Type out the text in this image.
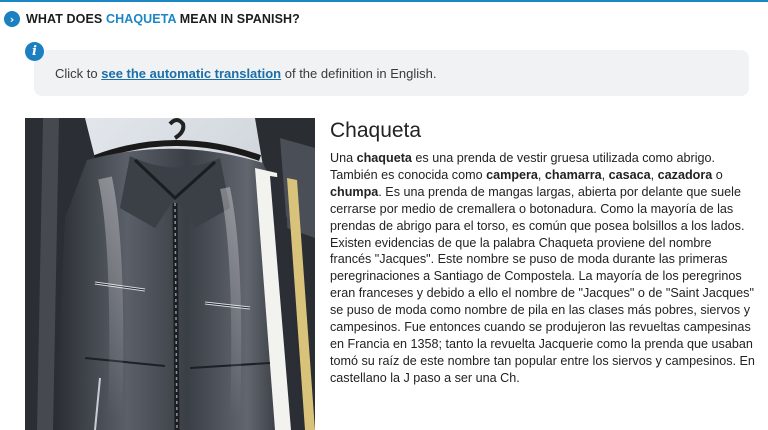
› WHAT DOES CHAQUETA MEAN IN SPANISH?
i
Click to see the automatic translation of the definition in English.
Chaqueta

Una chaqueta es una prenda de vestir gruesa utilizada como abrigo. También es conocida como campera, chamarra, casaca, cazadora o chumpa. Es una prenda de mangas largas, abierta por delante que suele cerrarse por medio de cremallera o botonadura. Como la mayoría de las prendas de abrigo para el torso, es común que posea bolsillos a los lados. Existen evidencias de que la palabra Chaqueta proviene del nombre francés "Jacques". Este nombre se puso de moda durante las primeras peregrinaciones a Santiago de Compostela. La mayoría de los peregrinos eran franceses y debido a ello el nombre de "Jacques" o de "Saint Jacques" se puso de moda como nombre de pila en las clases más pobres, siervos y campesinos. Fue entonces cuando se produjeron las revueltas campesinas en Francia en 1358; tanto la revuelta Jacquerie como la prenda que usaban tomó su raíz de este nombre tan popular entre los siervos y campesinos. En castellano la J paso a ser una Ch.
